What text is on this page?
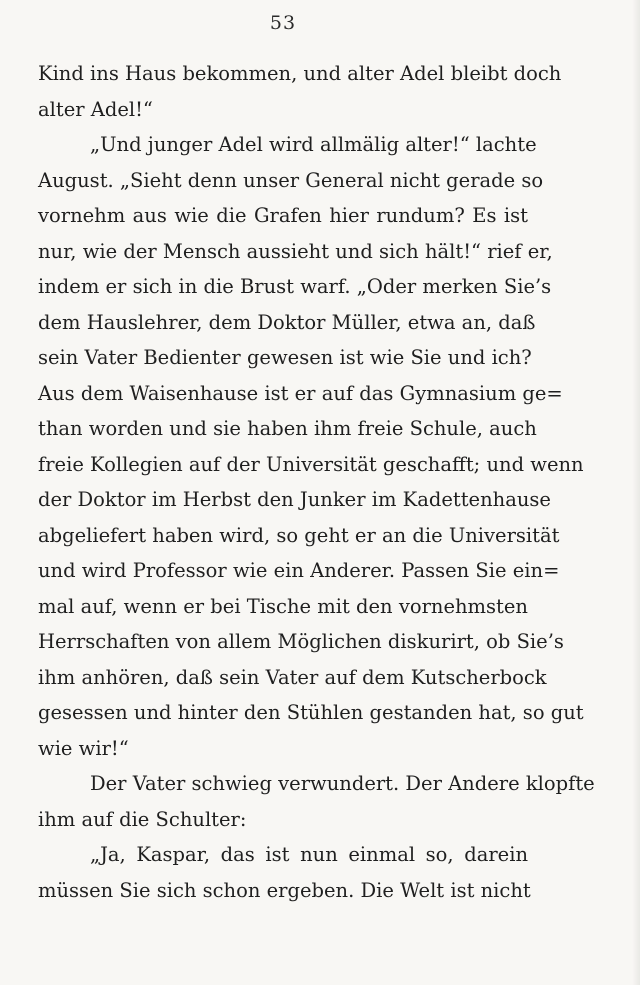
53
Kind ins Haus bekommen, und alter Adel bleibt doch
alter Adel!“
„Und junger Adel wird allmälig alter!“ lachte
August. „Sieht denn unser General nicht gerade so
vornehm aus wie die Grafen hier rundum? Es ist
nur, wie der Mensch aussieht und sich hält!“ rief er,
indem er sich in die Brust warf. „Oder merken Sie’s
dem Hauslehrer, dem Doktor Müller, etwa an, daß
sein Vater Bedienter gewesen ist wie Sie und ich?
Aus dem Waisenhause ist er auf das Gymnasium ge=
than worden und sie haben ihm freie Schule, auch
freie Kollegien auf der Universität geschafft; und wenn
der Doktor im Herbst den Junker im Kadettenhause
abgeliefert haben wird, so geht er an die Universität
und wird Professor wie ein Anderer. Passen Sie ein=
mal auf, wenn er bei Tische mit den vornehmsten
Herrschaften von allem Möglichen diskurirt, ob Sie’s
ihm anhören, daß sein Vater auf dem Kutscherbock
gesessen und hinter den Stühlen gestanden hat, so gut
wie wir!“
Der Vater schwieg verwundert. Der Andere klopfte
ihm auf die Schulter:
„Ja, Kaspar, das ist nun einmal so, darein
müssen Sie sich schon ergeben. Die Welt ist nicht
